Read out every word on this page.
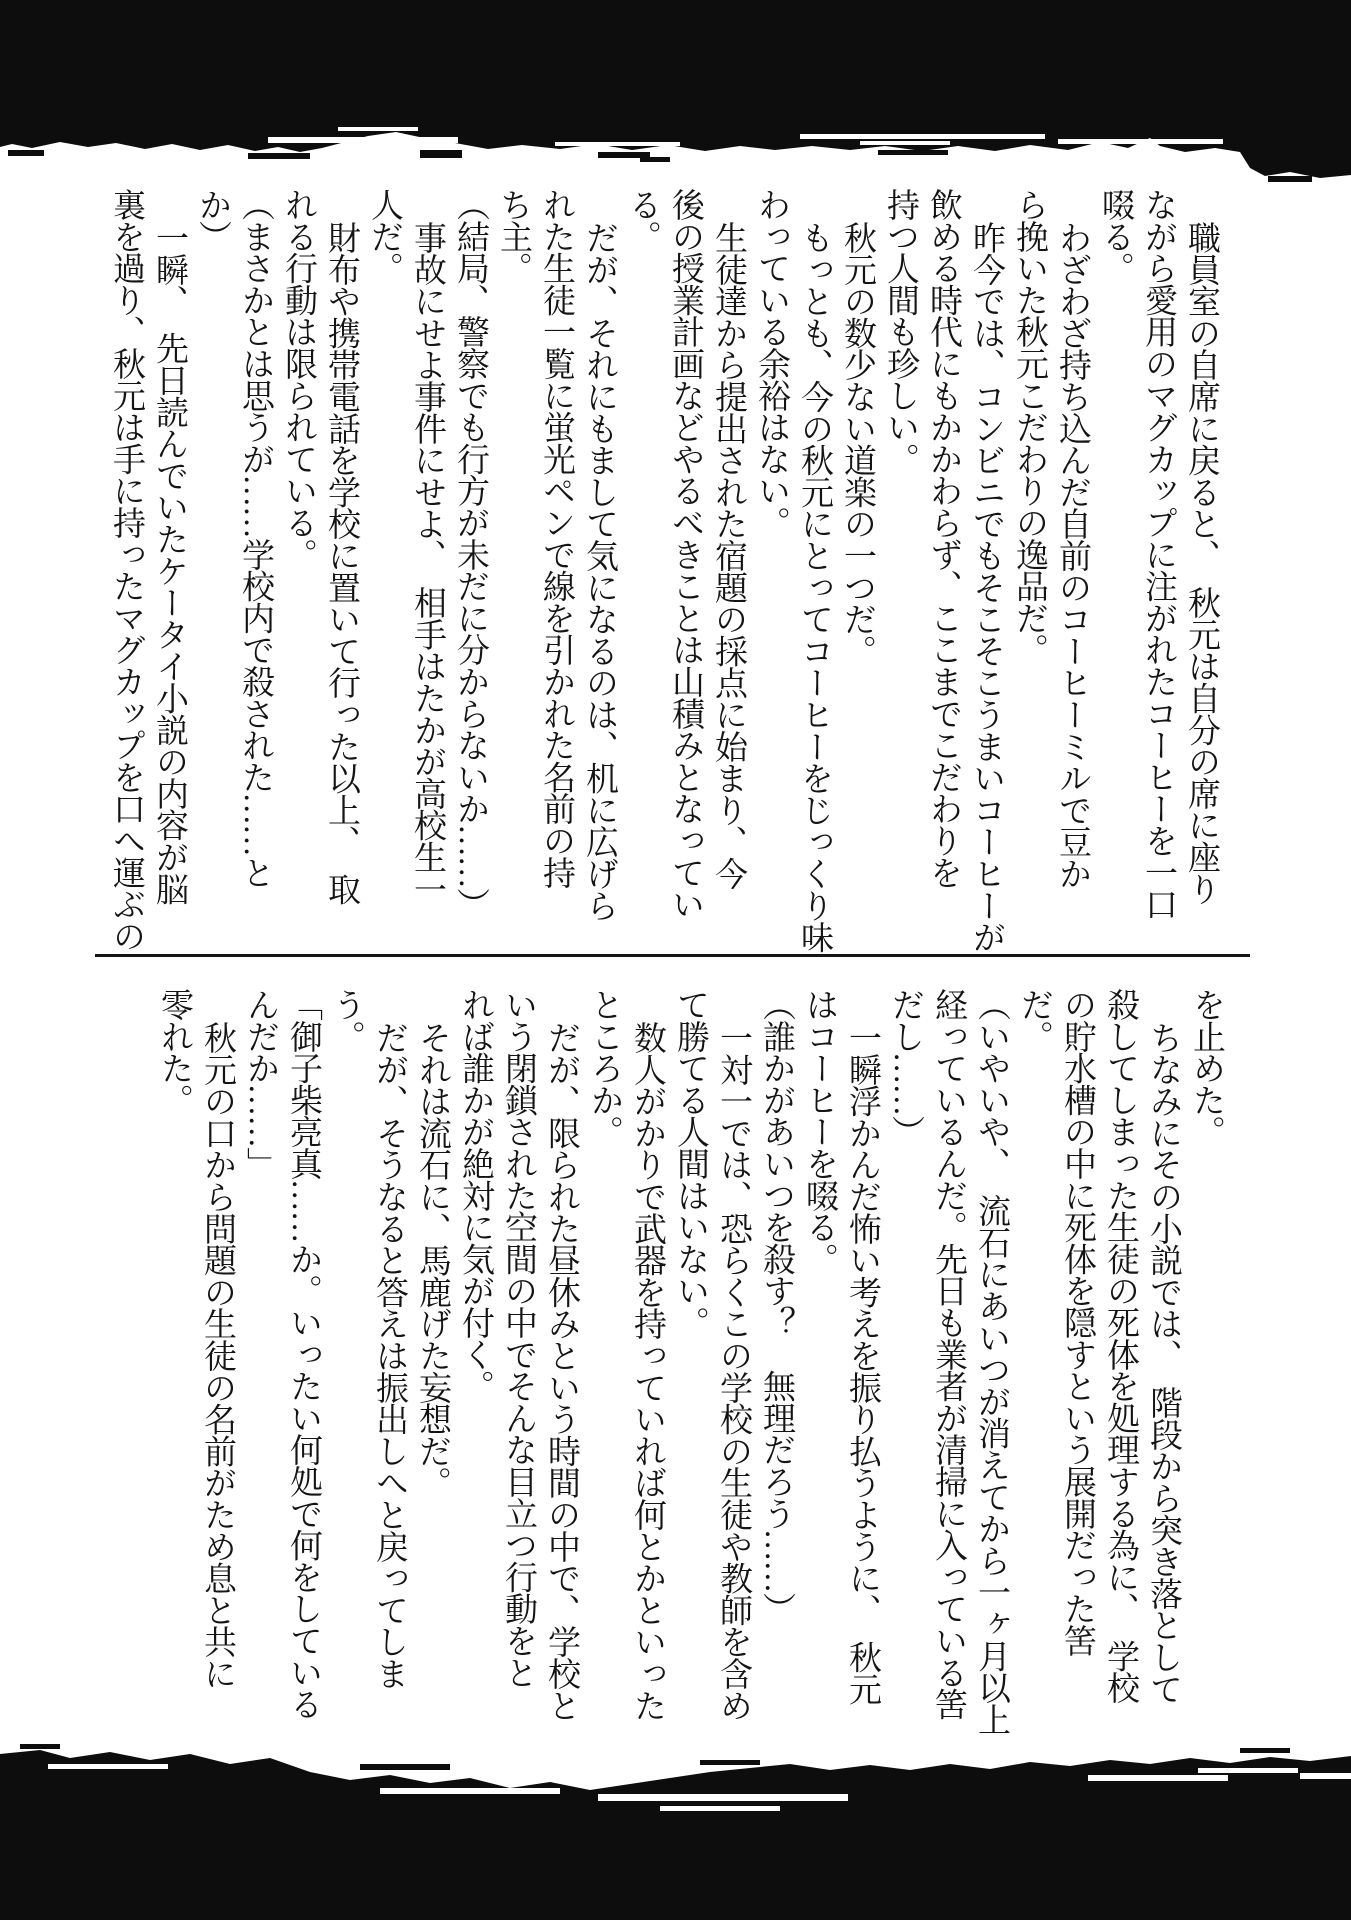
職員室の自席に戻ると、　秋元は自分の席に座り
ながら愛用のマグカップに注がれたコーヒーを一口
啜る。
わざわざ持ち込んだ自前のコーヒーミルで豆か
ら挽いた秋元こだわりの逸品だ。
昨今では、コンビニでもそこそこうまいコーヒーが
飲める時代にもかかわらず、ここまでこだわりを
持つ人間も珍しい。
秋元の数少ない道楽の一つだ。
もっとも、今の秋元にとってコーヒーをじっくり味
わっている余裕はない。
生徒達から提出された宿題の採点に始まり、今
後の授業計画などやるべきことは山積みとなってい
る。
だが、それにもまして気になるのは、机に広げら
れた生徒一覧に蛍光ペンで線を引かれた名前の持
ち主。
（結局、警察でも行方が未だに分からないか……）
事故にせよ事件にせよ、　相手はたかが高校生一
人だ。
財布や携帯電話を学校に置いて行った以上、　取
れる行動は限られている。
（まさかとは思うが……学校内で殺された……と
か）
一瞬、　先日読んでいたケータイ小説の内容が脳
裏を過り、秋元は手に持ったマグカップを口へ運ぶの
を止めた。
ちなみにその小説では、　階段から突き落として
殺してしまった生徒の死体を処理する為に、　学校
の貯水槽の中に死体を隠すという展開だった筈
だ。
（いやいや、　流石にあいつが消えてから一ヶ月以上
経っているんだ。先日も業者が清掃に入っている筈
だし……）
一瞬浮かんだ怖い考えを振り払うように、　秋元
はコーヒーを啜る。
（誰かがあいつを殺す？　無理だろう……）
一対一では、恐らくこの学校の生徒や教師を含め
て勝てる人間はいない。
数人がかりで武器を持っていれば何とかといった
ところか。
だが、限られた昼休みという時間の中で、学校と
いう閉鎖された空間の中でそんな目立つ行動をと
れば誰かが絶対に気が付く。
それは流石に、馬鹿げた妄想だ。
だが、そうなると答えは振出しへと戻ってしま
う。
「御子柴亮真……か。いったい何処で何をしている
んだか……」
秋元の口から問題の生徒の名前がため息と共に
零れた。
